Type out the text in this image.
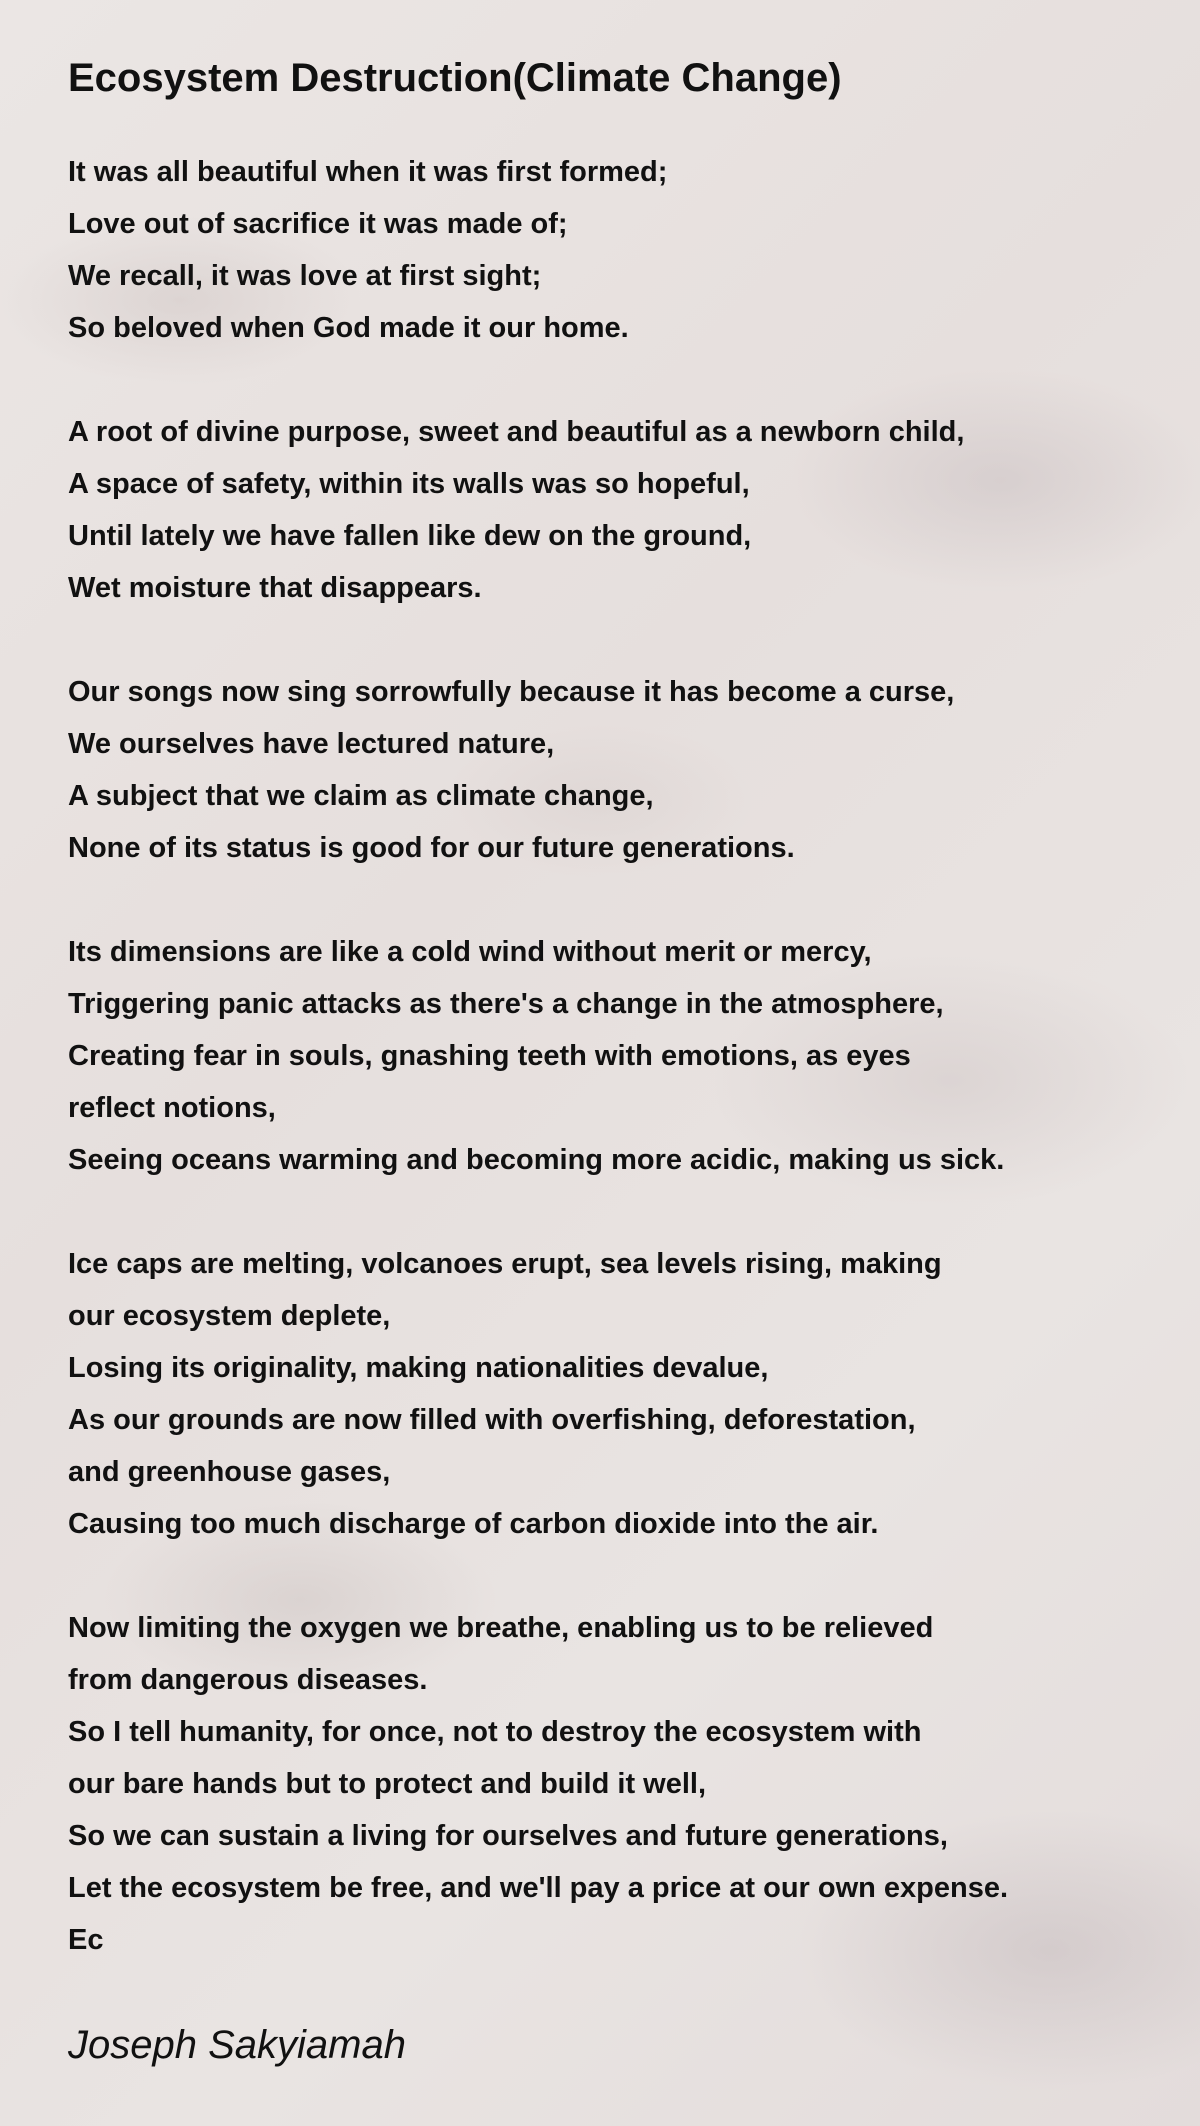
Ecosystem Destruction(Climate Change)
It was all beautiful when it was first formed;
Love out of sacrifice it was made of;
We recall, it was love at first sight;
So beloved when God made it our home.
A root of divine purpose, sweet and beautiful as a newborn child,
A space of safety, within its walls was so hopeful,
Until lately we have fallen like dew on the ground,
Wet moisture that disappears.
Our songs now sing sorrowfully because it has become a curse,
We ourselves have lectured nature,
A subject that we claim as climate change,
None of its status is good for our future generations.
Its dimensions are like a cold wind without merit or mercy,
Triggering panic attacks as there's a change in the atmosphere,
Creating fear in souls, gnashing teeth with emotions, as eyes
reflect notions,
Seeing oceans warming and becoming more acidic, making us sick.
Ice caps are melting, volcanoes erupt, sea levels rising, making
our ecosystem deplete,
Losing its originality, making nationalities devalue,
As our grounds are now filled with overfishing, deforestation,
and greenhouse gases,
Causing too much discharge of carbon dioxide into the air.
Now limiting the oxygen we breathe, enabling us to be relieved
from dangerous diseases.
So I tell humanity, for once, not to destroy the ecosystem with
our bare hands but to protect and build it well,
So we can sustain a living for ourselves and future generations,
Let the ecosystem be free, and we'll pay a price at our own expense.
Ec

Joseph Sakyiamah
